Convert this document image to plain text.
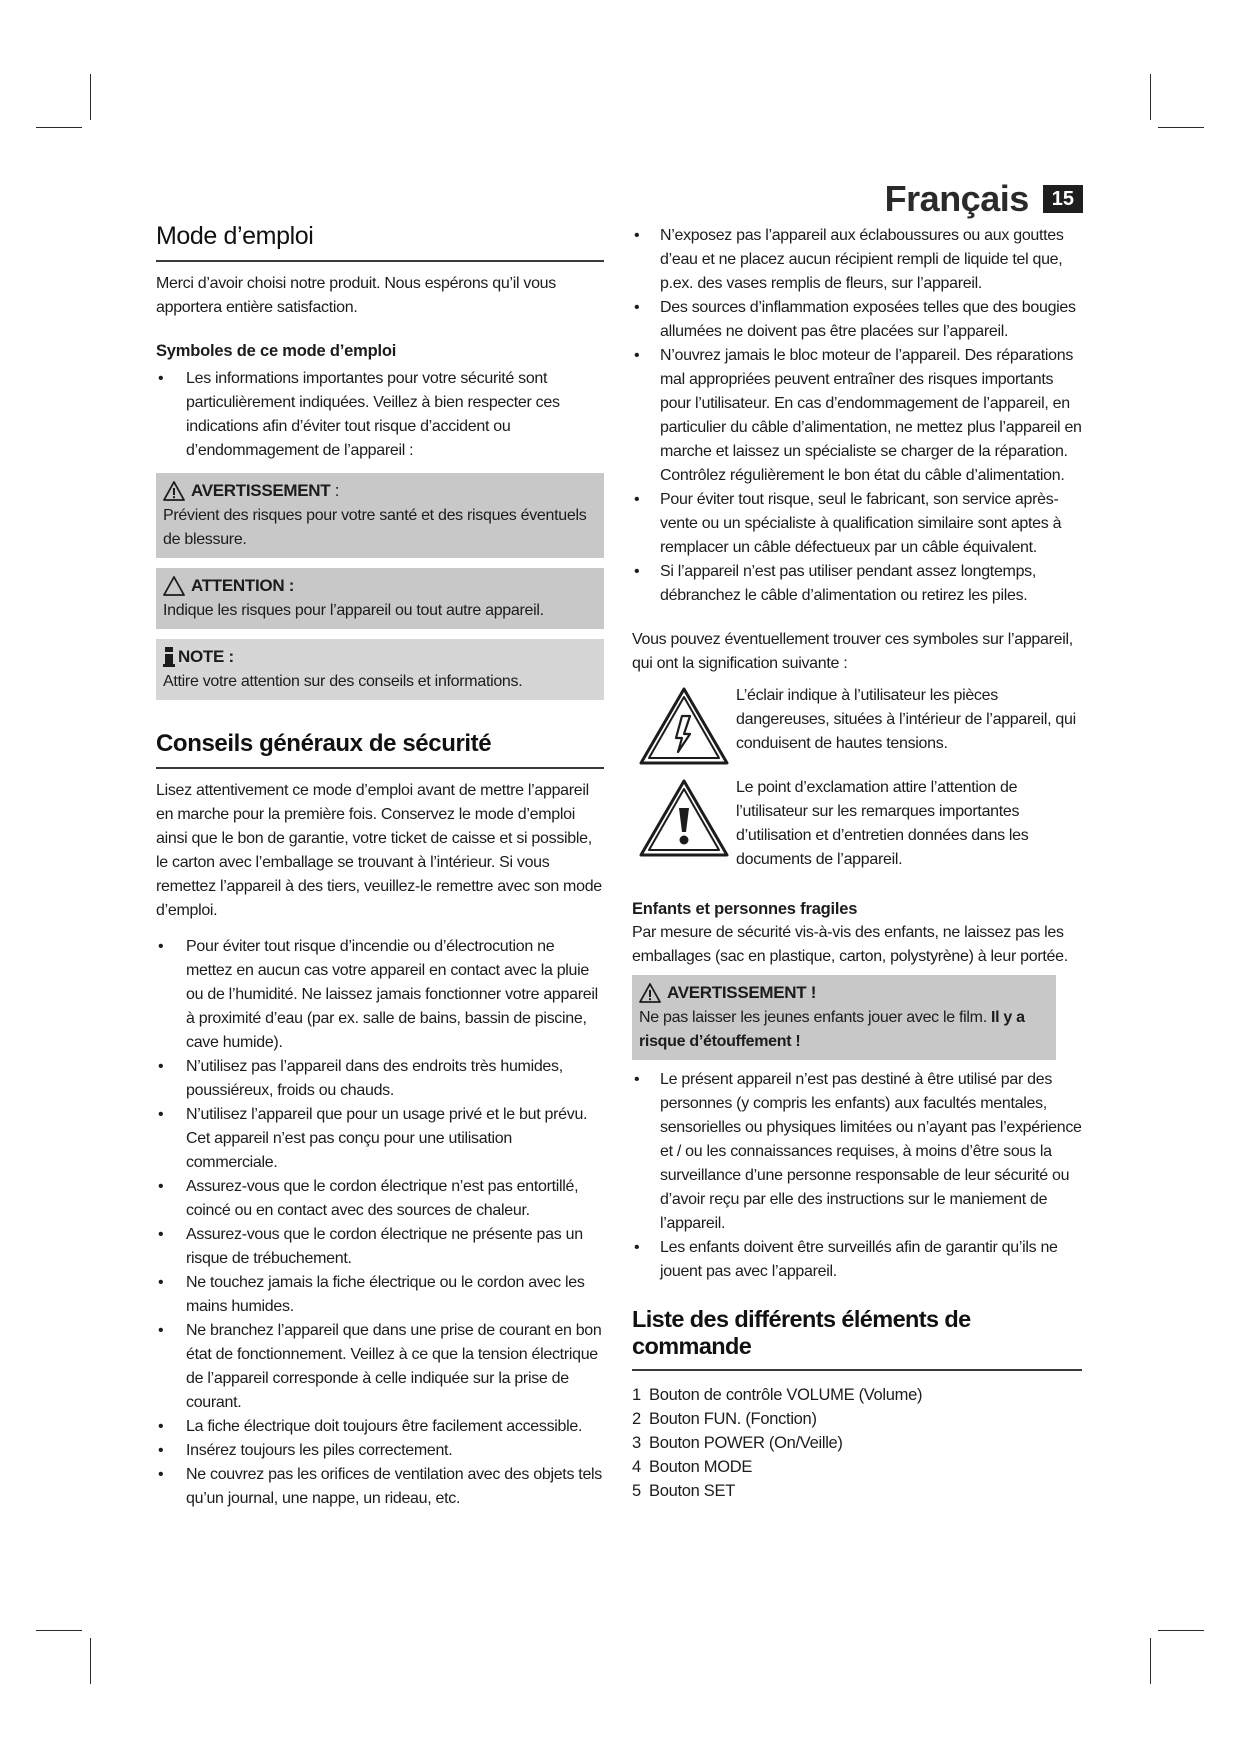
Français	15
Mode d’emploi

Merci d’avoir choisi notre produit. Nous espérons qu’il vous apportera entière satisfaction.

Symboles de ce mode d’emploi
• Les informations importantes pour votre sécurité sont particulièrement indiquées. Veillez à bien respecter ces indications afin d’éviter tout risque d’accident ou d’endommagement de l’appareil :
AVERTISSEMENT :

Prévient des risques pour votre santé et des risques éventuels de blessure.

ATTENTION :

Indique les risques pour l’appareil ou tout autre appareil.

NOTE :

Attire votre attention sur des conseils et informations.

Conseils généraux de sécurité

Lisez attentivement ce mode d’emploi avant de mettre l’appareil en marche pour la première fois. Conservez le mode d’emploi ainsi que le bon de garantie, votre ticket de caisse et si possible, le carton avec l’emballage se trouvant à l’intérieur. Si vous remettez l’appareil à des tiers, veuillez-le remettre avec son mode d’emploi.

• Pour éviter tout risque d’incendie ou d’électrocution ne mettez en aucun cas votre appareil en contact avec la pluie ou de l’humidité. Ne laissez jamais fonctionner votre appareil à proximité d’eau (par ex. salle de bains, bassin de piscine, cave humide).
• N’utilisez pas l’appareil dans des endroits très humides, poussiéreux, froids ou chauds.
• N’utilisez l’appareil que pour un usage privé et le but prévu. Cet appareil n’est pas conçu pour une utilisation commerciale.
• Assurez-vous que le cordon électrique n’est pas entortillé, coincé ou en contact avec des sources de chaleur.
• Assurez-vous que le cordon électrique ne présente pas un risque de trébuchement.
• Ne touchez jamais la fiche électrique ou le cordon avec les mains humides.
• Ne branchez l’appareil que dans une prise de courant en bon état de fonctionnement. Veillez à ce que la tension électrique de l’appareil corresponde à celle indiquée sur la prise de courant.
• La fiche électrique doit toujours être facilement accessible.
• Insérez toujours les piles correctement.
• Ne couvrez pas les orifices de ventilation avec des objets tels qu’un journal, une nappe, un rideau, etc.
• N’exposez pas l’appareil aux éclaboussures ou aux gouttes d’eau et ne placez aucun récipient rempli de liquide tel que, p.ex. des vases remplis de fleurs, sur l’appareil.
• Des sources d’inflammation exposées telles que des bougies allumées ne doivent pas être placées sur l’appareil.
• N’ouvrez jamais le bloc moteur de l’appareil. Des réparations mal appropriées peuvent entraîner des risques importants pour l’utilisateur. En cas d’endommagement de l’appareil, en particulier du câble d’alimentation, ne mettez plus l’appareil en marche et laissez un spécialiste se charger de la réparation. Contrôlez régulièrement le bon état du câble d’alimentation.
• Pour éviter tout risque, seul le fabricant, son service après-vente ou un spécialiste à qualification similaire sont aptes à remplacer un câble défectueux par un câble équivalent.
• Si l’appareil n’est pas utiliser pendant assez longtemps, débranchez le câble d’alimentation ou retirez les piles.

Vous pouvez éventuellement trouver ces symboles sur l’appareil, qui ont la signification suivante :

L’éclair indique à l’utilisateur les pièces dangereuses, situées à l’intérieur de l’appareil, qui conduisent de hautes tensions.

Le point d’exclamation attire l’attention de l’utilisateur sur les remarques importantes d’utilisation et d’entretien données dans les documents de l’appareil.

Enfants et personnes fragiles

Par mesure de sécurité vis-à-vis des enfants, ne laissez pas les emballages (sac en plastique, carton, polystyrène) à leur portée.

AVERTISSEMENT !

Ne pas laisser les jeunes enfants jouer avec le film. Il y a risque d’étouffement !

• Le présent appareil n’est pas destiné à être utilisé par des personnes (y compris les enfants) aux facultés mentales, sensorielles ou physiques limitées ou n’ayant pas l’expérience et / ou les connaissances requises, à moins d’être sous la surveillance d’une personne responsable de leur sécurité ou d’avoir reçu par elle des instructions sur le maniement de l’appareil.
• Les enfants doivent être surveillés afin de garantir qu’ils ne jouent pas avec l’appareil.
Liste des différents éléments de commande
1 Bouton de contrôle VOLUME (Volume)
2 Bouton FUN. (Fonction)
3 Bouton POWER (On/Veille)
4 Bouton MODE
5 Bouton SET
